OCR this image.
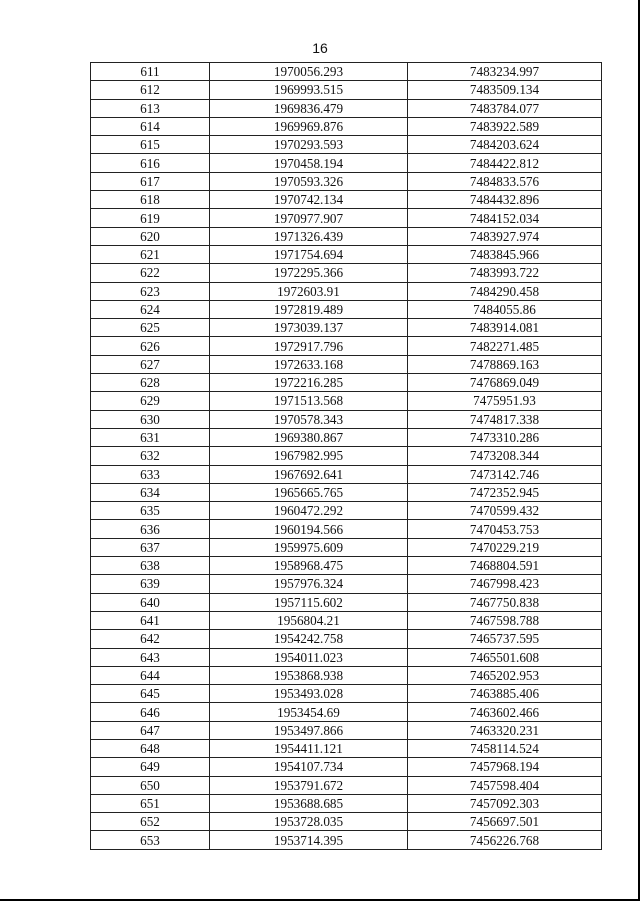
16
611	1970056.293	7483234.997
612	1969993.515	7483509.134
613	1969836.479	7483784.077
614	1969969.876	7483922.589
615	1970293.593	7484203.624
616	1970458.194	7484422.812
617	1970593.326	7484833.576
618	1970742.134	7484432.896
619	1970977.907	7484152.034
620	1971326.439	7483927.974
621	1971754.694	7483845.966
622	1972295.366	7483993.722
623	1972603.91	7484290.458
624	1972819.489	7484055.86
625	1973039.137	7483914.081
626	1972917.796	7482271.485
627	1972633.168	7478869.163
628	1972216.285	7476869.049
629	1971513.568	7475951.93
630	1970578.343	7474817.338
631	1969380.867	7473310.286
632	1967982.995	7473208.344
633	1967692.641	7473142.746
634	1965665.765	7472352.945
635	1960472.292	7470599.432
636	1960194.566	7470453.753
637	1959975.609	7470229.219
638	1958968.475	7468804.591
639	1957976.324	7467998.423
640	1957115.602	7467750.838
641	1956804.21	7467598.788
642	1954242.758	7465737.595
643	1954011.023	7465501.608
644	1953868.938	7465202.953
645	1953493.028	7463885.406
646	1953454.69	7463602.466
647	1953497.866	7463320.231
648	1954411.121	7458114.524
649	1954107.734	7457968.194
650	1953791.672	7457598.404
651	1953688.685	7457092.303
652	1953728.035	7456697.501
653	1953714.395	7456226.768
